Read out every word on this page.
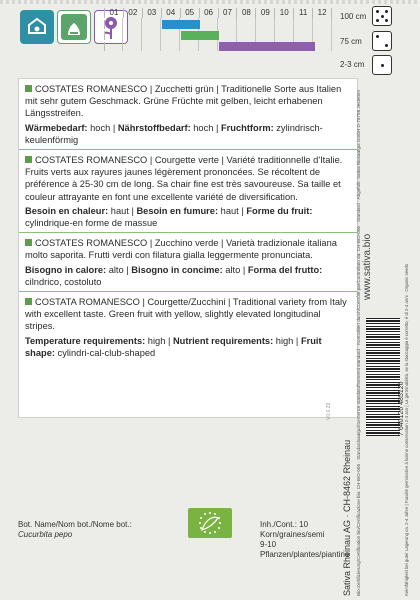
01	02	03	04	05	06	07	08	09	10	11	12	100 cm
75 cm
2-3 cm
COSTATES ROMANESCO | Zucchetti grün | Traditionelle Sorte aus Italien mit sehr gutem Geschmack. Grüne Früchte mit gelben, leicht erhabenen Längsstreifen.
Wärmebedarf: hoch | Nährstoffbedarf: hoch | Fruchtform: zylindrisch-keulenförmig
COSTATES ROMANESCO | Courgette verte | Variété traditionnelle d'Italie. Fruits verts aux rayures jaunes légèrement prononcées. Se récoltent de préférence à 25-30 cm de long. Sa chair fine est très savoureuse. Sa taille et couleur attrayante en font une excellente variété de diversification.
Besoin en chaleur: haut | Besoin en fumure: haut | Forme du fruit: cylindrique-en forme de massue
COSTATES ROMANESCO | Zucchino verde | Varietà tradizionale italiana molto saporita. Frutti verdi con filatura gialla leggermente pronunciata.
Bisogno in calore: alto | Bisogno in concime: alto | Forma del frutto: cilndrico, costoluto
COSTATA ROMANESCO | Courgette/Zucchini | Traditional variety from Italy with excellent taste. Green fruit with yellow, slightly elevated longitudinal stripes.
Temperature requirements: high | Nutrient requirements: high | Fruit shape: cylindri-cal-club-shaped
www.sativa.bio
7 640126 485126 Keimfähigkeit bei guter Lagerung ca. 2-4 Jahre | Faculté germinative à bonne conservation 2-4 ans | La germinabilità, se lo stoccaggio è corretto, è di 2-4 anni · Organic seeds
Sativa Rheinau AG · CH-8462 Rheinau Bio-Zertifizierung/Certification bio/Certificazione bio: CH-BIO-006 · Standardsaatgut/Semence standard/Sementi standard · Kontrolliert durch/Contrôlé par/Controllato da: CH-BIO-006 · Standard · Abgefüllt: Sativa Biosaatgut GmbH D-79798 Jestetten
V0.0.29
Bot. Name/Nom bot./Nome bot.:
Cucurbita pepo
Inh./Cont.: 10 Korn/graines/semi
9-10 Pflanzen/plantes/piantine
